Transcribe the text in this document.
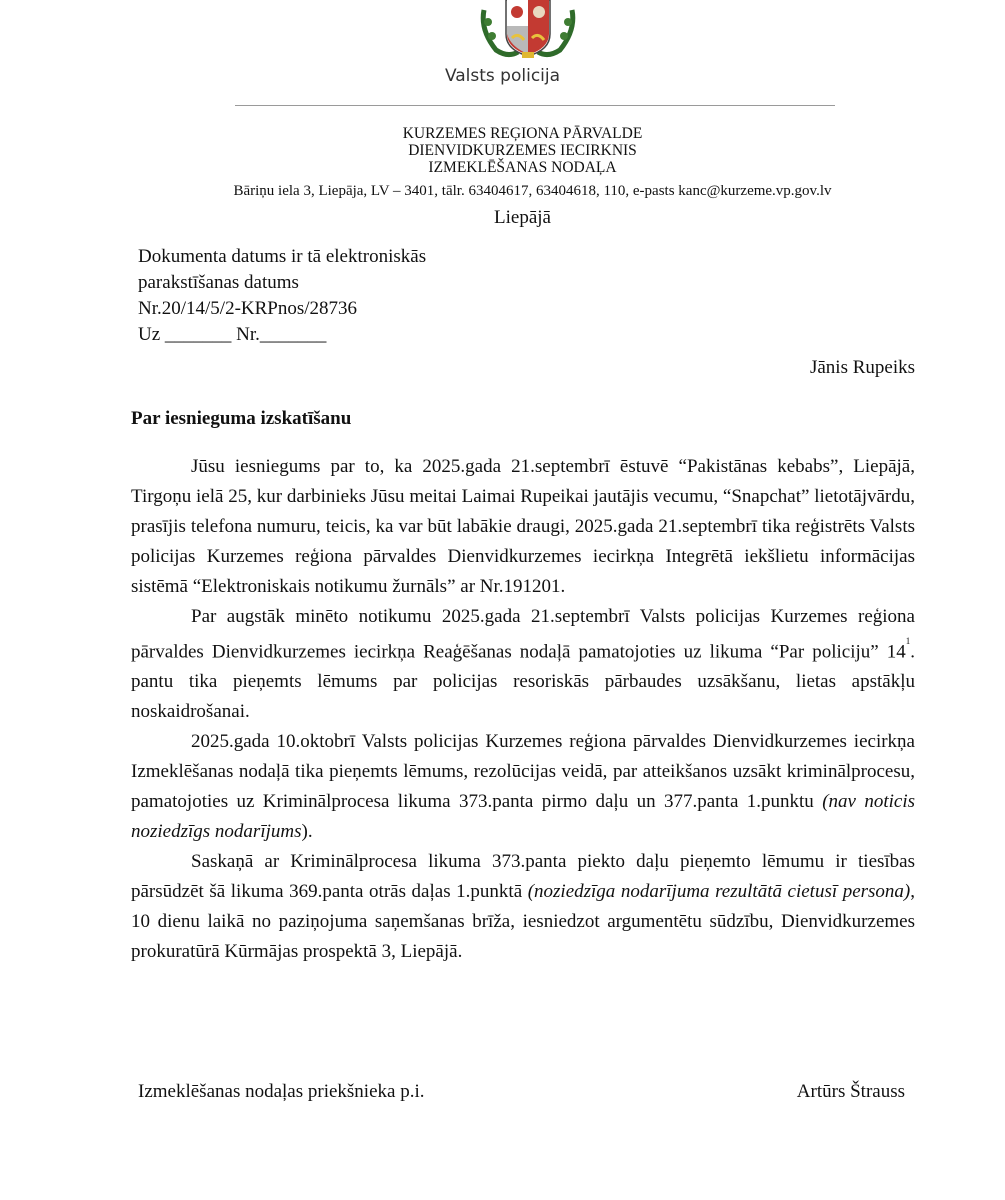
Valsts policija
KURZEMES REĢIONA PĀRVALDE
DIENVIDKURZEMES IECIRKNIS
IZMEKLĒŠANAS NODAĻA
Bāriņu iela 3, Liepāja, LV – 3401, tālr. 63404617, 63404618, 110, e-pasts kanc@kurzeme.vp.gov.lv
Liepājā
Dokumenta datums ir tā elektroniskās
parakstīšanas datums
Nr.20/14/5/2-KRPnos/28736
Uz _______ Nr._______
Jānis Rupeiks
Par iesnieguma izskatīšanu

Jūsu iesniegums par to, ka 2025.gada 21.septembrī ēstuvē “Pakistānas kebabs”, Liepājā, Tirgoņu ielā 25, kur darbinieks Jūsu meitai Laimai Rupeikai jautājis vecumu, “Snapchat” lietotājvārdu, prasījis telefona numuru, teicis, ka var būt labākie draugi, 2025.gada 21.septembrī tika reģistrēts Valsts policijas Kurzemes reģiona pārvaldes Dienvidkurzemes iecirkņa Integrētā iekšlietu informācijas sistēmā “Elektroniskais notikumu žurnāls” ar Nr.191201.

Par augstāk minēto notikumu 2025.gada 21.septembrī Valsts policijas Kurzemes reģiona pārvaldes Dienvidkurzemes iecirkņa Reaģēšanas nodaļā pamatojoties uz likuma “Par policiju” $14^1$. pantu tika pieņemts lēmums par policijas resoriskās pārbaudes uzsākšanu, lietas apstākļu noskaidrošanai.

2025.gada 10.oktobrī Valsts policijas Kurzemes reģiona pārvaldes Dienvidkurzemes iecirkņa Izmeklēšanas nodaļā tika pieņemts lēmums, rezolūcijas veidā, par atteikšanos uzsākt kriminālprocesu, pamatojoties uz Kriminālprocesa likuma 373.panta pirmo daļu un 377.panta 1.punktu (nav noticis noziedzīgs nodarījums).

Saskaņā ar Kriminālprocesa likuma 373.panta piekto daļu pieņemto lēmumu ir tiesības pārsūdzēt šā likuma 369.panta otrās daļas 1.punktā (noziedzīga nodarījuma rezultātā cietusī persona), 10 dienu laikā no paziņojuma saņemšanas brīža, iesniedzot argumentētu sūdzību, Dienvidkurzemes prokuratūrā Kūrmājas prospektā 3, Liepājā.

Izmeklēšanas nodaļas priekšnieka p.i.	Artūrs Štrauss
